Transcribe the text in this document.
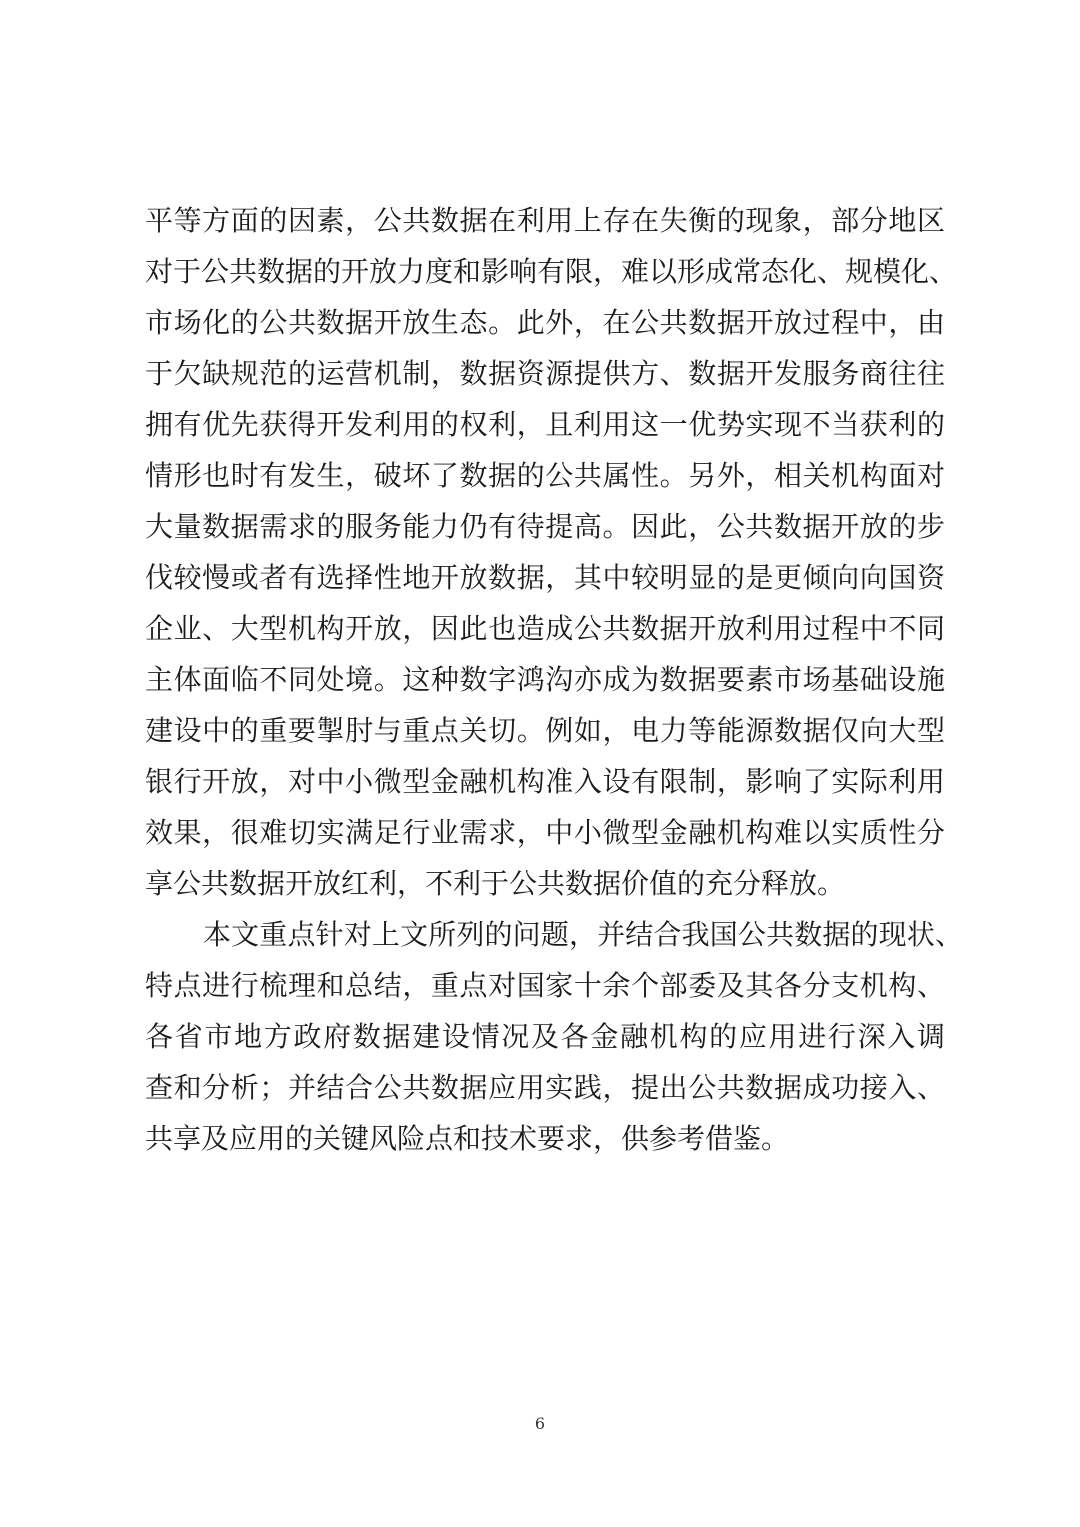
平等方面的因素，公共数据在利用上存在失衡的现象，部分地区
对于公共数据的开放力度和影响有限，难以形成常态化、规模化、
市场化的公共数据开放生态。此外，在公共数据开放过程中，由
于欠缺规范的运营机制，数据资源提供方、数据开发服务商往往
拥有优先获得开发利用的权利，且利用这一优势实现不当获利的
情形也时有发生，破坏了数据的公共属性。另外，相关机构面对
大量数据需求的服务能力仍有待提高。因此，公共数据开放的步
伐较慢或者有选择性地开放数据，其中较明显的是更倾向向国资
企业、大型机构开放，因此也造成公共数据开放利用过程中不同
主体面临不同处境。这种数字鸿沟亦成为数据要素市场基础设施
建设中的重要掣肘与重点关切。例如，电力等能源数据仅向大型
银行开放，对中小微型金融机构准入设有限制，影响了实际利用
效果，很难切实满足行业需求，中小微型金融机构难以实质性分
享公共数据开放红利，不利于公共数据价值的充分释放。
本文重点针对上文所列的问题，并结合我国公共数据的现状、
特点进行梳理和总结，重点对国家十余个部委及其各分支机构、
各省市地方政府数据建设情况及各金融机构的应用进行深入调
查和分析；并结合公共数据应用实践，提出公共数据成功接入、
共享及应用的关键风险点和技术要求，供参考借鉴。
6
